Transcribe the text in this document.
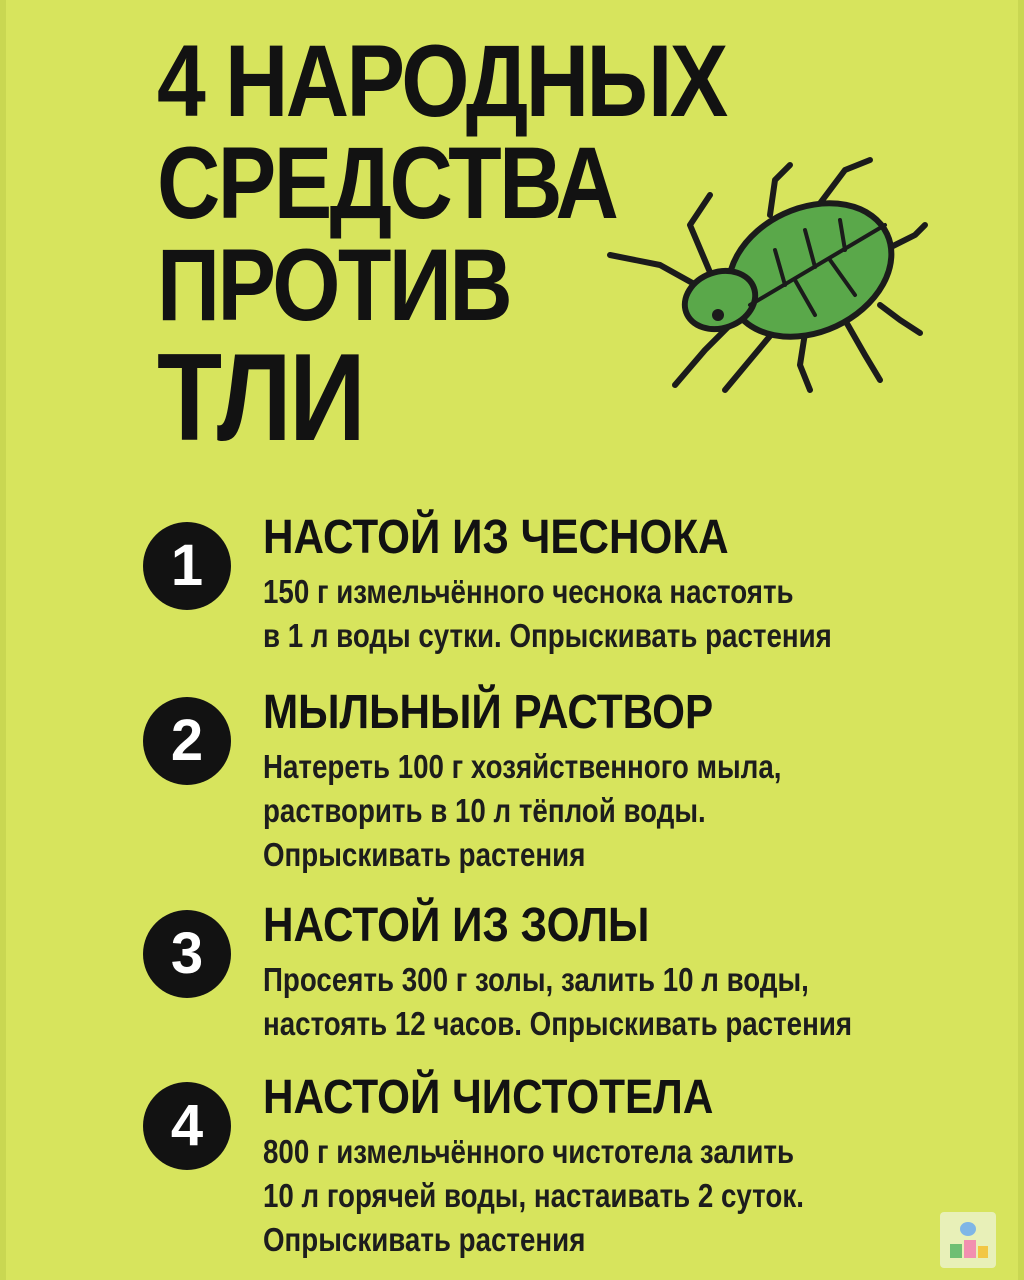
4 НАРОДНЫХ
СРЕДСТВА
ПРОТИВ
ТЛИ
1	НАСТОЙ ИЗ ЧЕСНОКА
150 г измельчённого чеснока настоять
в 1 л воды сутки. Опрыскивать растения
2	МЫЛЬНЫЙ РАСТВОР
Натереть 100 г хозяйственного мыла,
растворить в 10 л тёплой воды.
Опрыскивать растения
3	НАСТОЙ ИЗ ЗОЛЫ
Просеять 300 г золы, залить 10 л воды,
настоять 12 часов. Опрыскивать растения
4	НАСТОЙ ЧИСТОТЕЛА
800 г измельчённого чистотела залить
10 л горячей воды, настаивать 2 суток.
Опрыскивать растения
